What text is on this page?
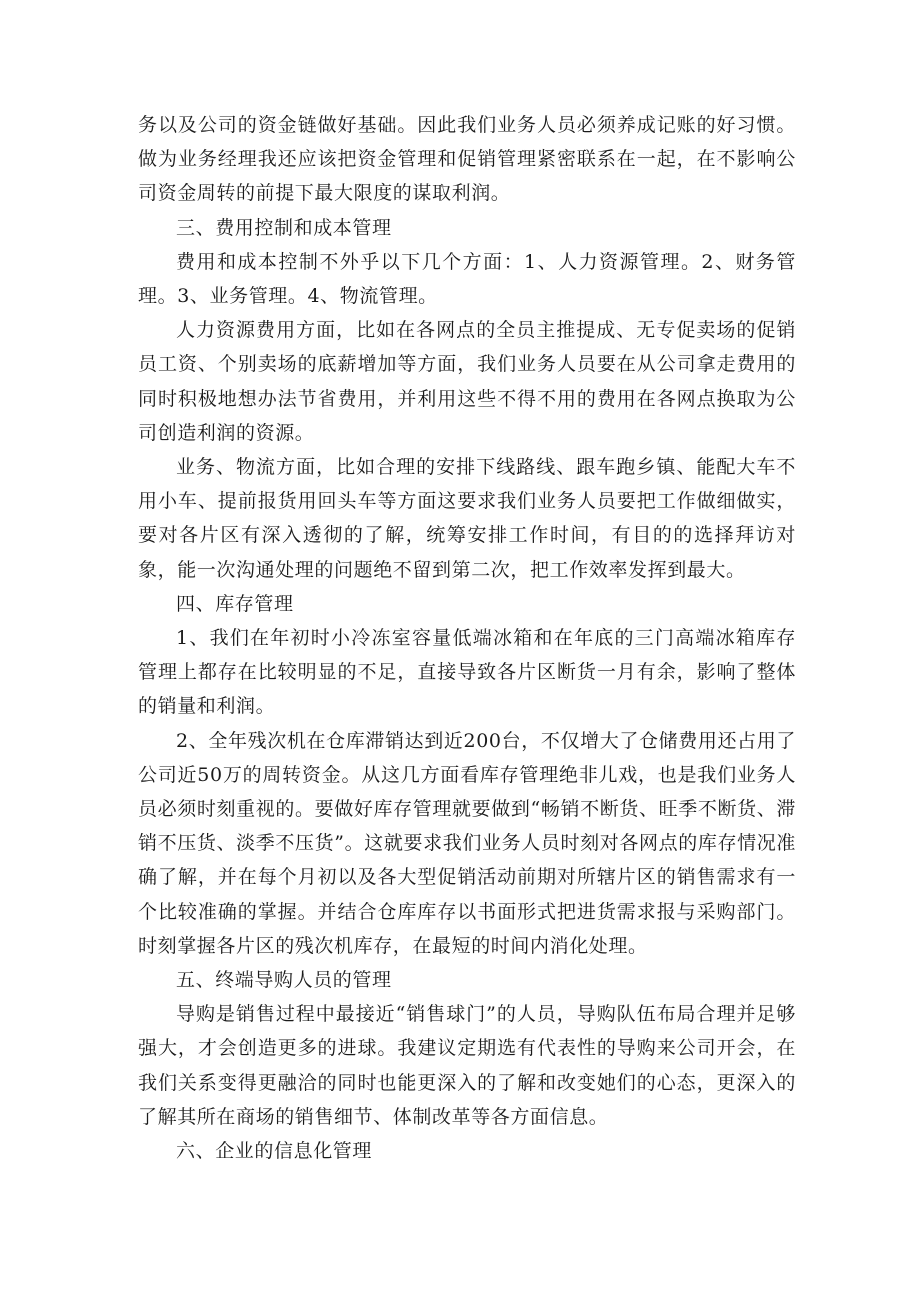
务以及公司的资金链做好基础。因此我们业务人员必须养成记账的好习惯。做为业务经理我还应该把资金管理和促销管理紧密联系在一起，在不影响公司资金周转的前提下最大限度的谋取利润。

三、费用控制和成本管理

费用和成本控制不外乎以下几个方面：1、人力资源管理。2、财务管理。3、业务管理。4、物流管理。

人力资源费用方面，比如在各网点的全员主推提成、无专促卖场的促销员工资、个别卖场的底薪增加等方面，我们业务人员要在从公司拿走费用的同时积极地想办法节省费用，并利用这些不得不用的费用在各网点换取为公司创造利润的资源。

业务、物流方面，比如合理的安排下线路线、跟车跑乡镇、能配大车不用小车、提前报货用回头车等方面这要求我们业务人员要把工作做细做实，要对各片区有深入透彻的了解，统筹安排工作时间，有目的的选择拜访对象，能一次沟通处理的问题绝不留到第二次，把工作效率发挥到最大。

四、库存管理

1、我们在年初时小冷冻室容量低端冰箱和在年底的三门高端冰箱库存管理上都存在比较明显的不足，直接导致各片区断货一月有余，影响了整体的销量和利润。

2、全年残次机在仓库滞销达到近200台，不仅增大了仓储费用还占用了公司近50万的周转资金。从这几方面看库存管理绝非儿戏，也是我们业务人员必须时刻重视的。要做好库存管理就要做到“畅销不断货、旺季不断货、滞销不压货、淡季不压货”。这就要求我们业务人员时刻对各网点的库存情况准确了解，并在每个月初以及各大型促销活动前期对所辖片区的销售需求有一个比较准确的掌握。并结合仓库库存以书面形式把进货需求报与采购部门。时刻掌握各片区的残次机库存，在最短的时间内消化处理。

五、终端导购人员的管理

导购是销售过程中最接近“销售球门”的人员，导购队伍布局合理并足够强大，才会创造更多的进球。我建议定期选有代表性的导购来公司开会，在我们关系变得更融洽的同时也能更深入的了解和改变她们的心态，更深入的了解其所在商场的销售细节、体制改革等各方面信息。

六、企业的信息化管理
